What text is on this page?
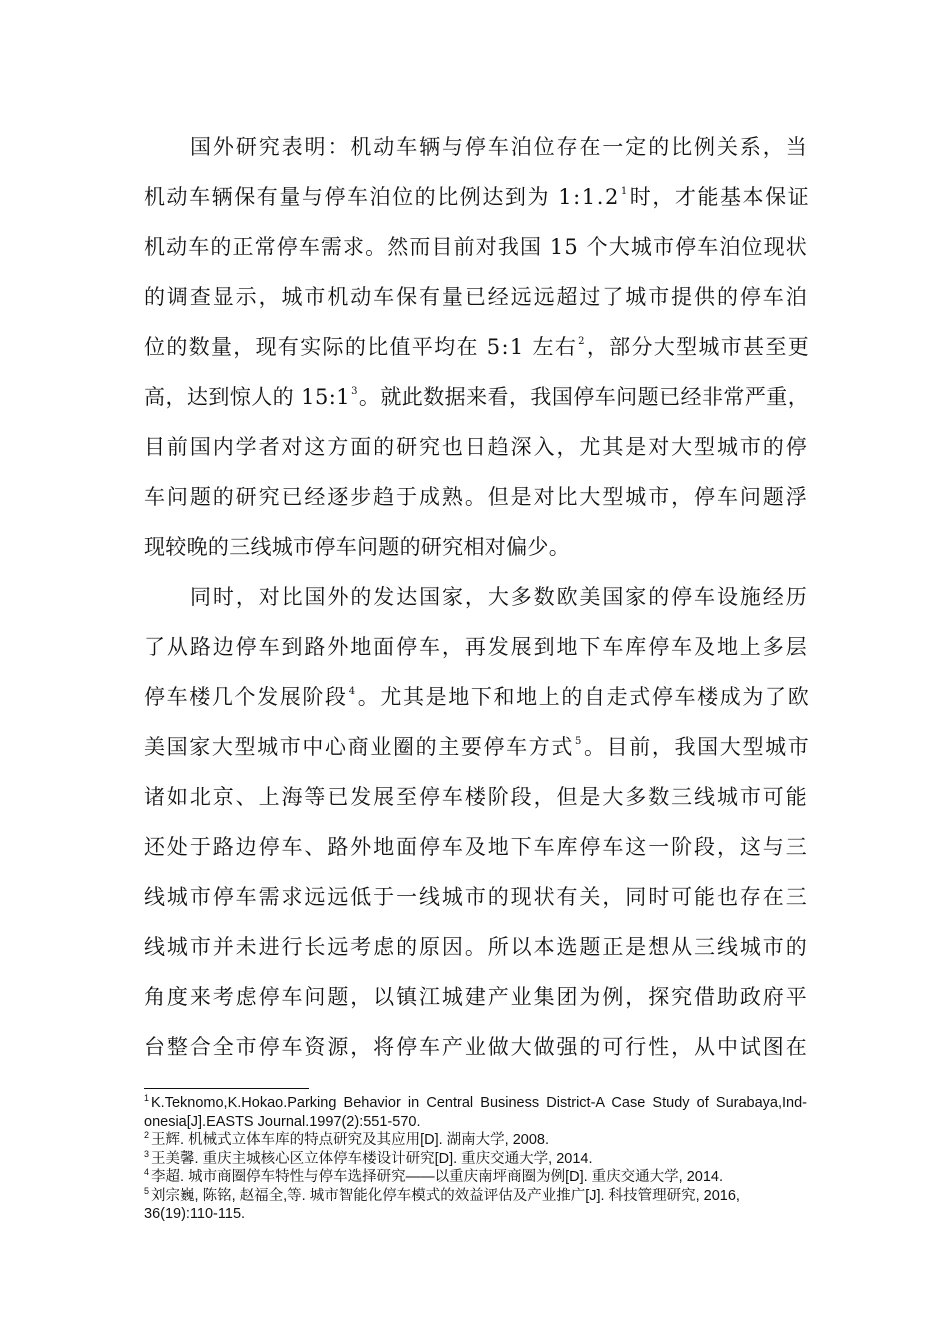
国外研究表明：机动车辆与停车泊位存在一定的比例关系，当
机动车辆保有量与停车泊位的比例达到为 1:1.2$^1$时，才能基本保证
机动车的正常停车需求。然而目前对我国 15 个大城市停车泊位现状
的调查显示，城市机动车保有量已经远远超过了城市提供的停车泊
位的数量，现有实际的比值平均在 5:1 左右$^2$，部分大型城市甚至更
高，达到惊人的 15:1$^3$。就此数据来看，我国停车问题已经非常严重，
目前国内学者对这方面的研究也日趋深入，尤其是对大型城市的停
车问题的研究已经逐步趋于成熟。但是对比大型城市，停车问题浮
现较晚的三线城市停车问题的研究相对偏少。
同时，对比国外的发达国家，大多数欧美国家的停车设施经历
了从路边停车到路外地面停车，再发展到地下车库停车及地上多层
停车楼几个发展阶段$^4$。尤其是地下和地上的自走式停车楼成为了欧
美国家大型城市中心商业圈的主要停车方式$^5$。目前，我国大型城市
诸如北京、上海等已发展至停车楼阶段，但是大多数三线城市可能
还处于路边停车、路外地面停车及地下车库停车这一阶段，这与三
线城市停车需求远远低于一线城市的现状有关，同时可能也存在三
线城市并未进行长远考虑的原因。所以本选题正是想从三线城市的
角度来考虑停车问题，以镇江城建产业集团为例，探究借助政府平
台整合全市停车资源，将停车产业做大做强的可行性，从中试图在
$^1$ K.Teknomo,K.Hokao.Parking Behavior in Central Business District-A Case Study of Surabaya,Ind-onesia[J].EASTS Journal.1997(2):551-570.
$^2$ 王辉. 机械式立体车库的特点研究及其应用[D]. 湖南大学, 2008.
$^3$ 王美馨. 重庆主城核心区立体停车楼设计研究[D]. 重庆交通大学, 2014.
$^4$ 李超. 城市商圈停车特性与停车选择研究——以重庆南坪商圈为例[D]. 重庆交通大学, 2014.
$^5$ 刘宗巍, 陈铭, 赵福全,等. 城市智能化停车模式的效益评估及产业推广[J]. 科技管理研究, 2016, 36(19):110-115.
